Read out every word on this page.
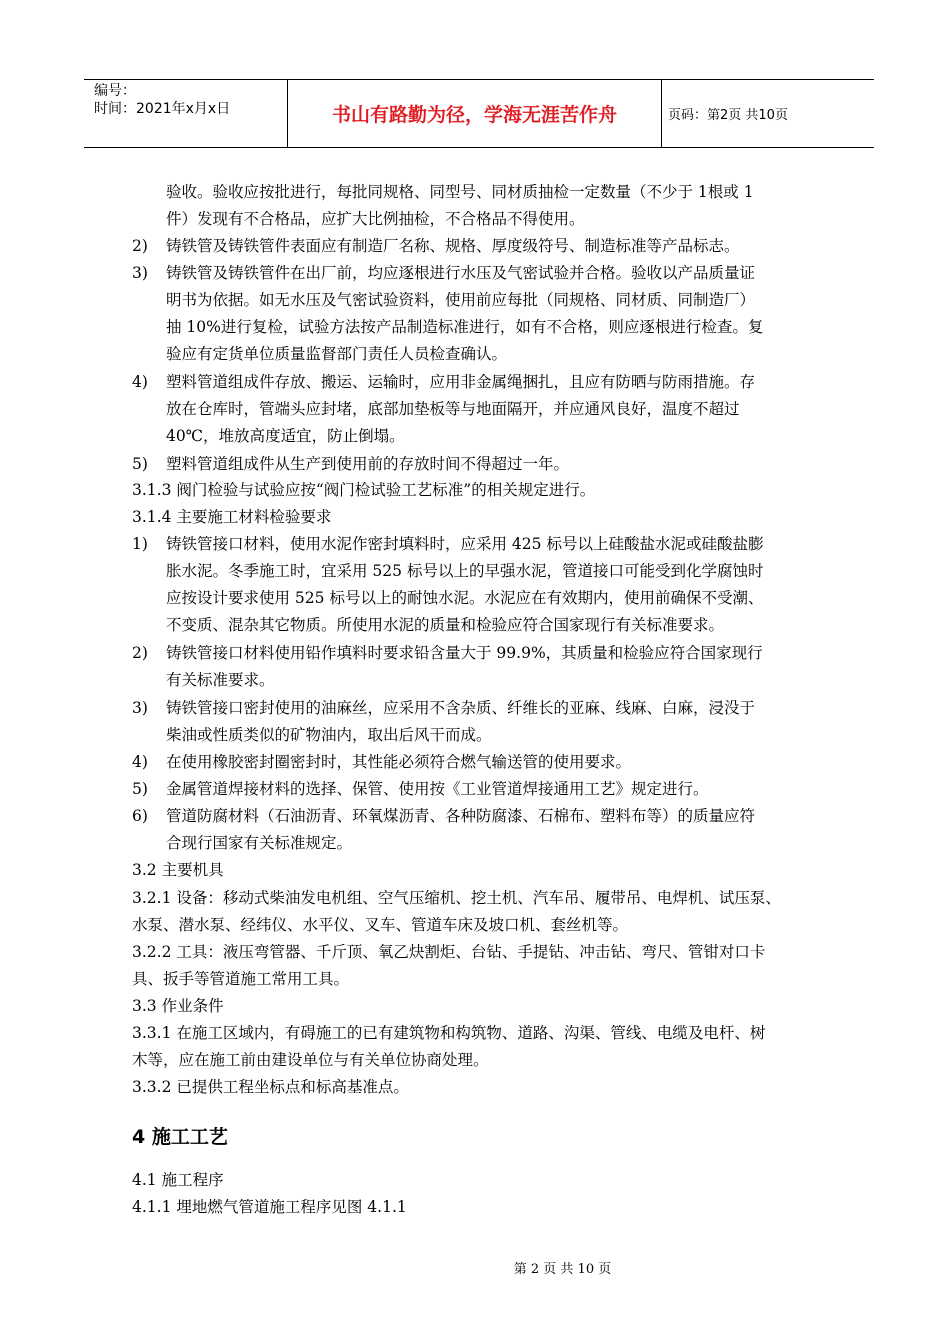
编号：
时间：2021年x月x日	书山有路勤为径，学海无涯苦作舟	页码：第2页 共10页
验收。验收应按批进行，每批同规格、同型号、同材质抽检一定数量（不少于 1根或 1
件）发现有不合格品，应扩大比例抽检，不合格品不得使用。
2) 铸铁管及铸铁管件表面应有制造厂名称、规格、厚度级符号、制造标准等产品标志。
3) 铸铁管及铸铁管件在出厂前，均应逐根进行水压及气密试验并合格。验收以产品质量证
明书为依据。如无水压及气密试验资料，使用前应每批（同规格、同材质、同制造厂）
抽 10%进行复检，试验方法按产品制造标准进行，如有不合格，则应逐根进行检查。复
验应有定货单位质量监督部门责任人员检查确认。
4) 塑料管道组成件存放、搬运、运输时，应用非金属绳捆扎，且应有防晒与防雨措施。存
放在仓库时，管端头应封堵，底部加垫板等与地面隔开，并应通风良好，温度不超过
40℃，堆放高度适宜，防止倒塌。
5) 塑料管道组成件从生产到使用前的存放时间不得超过一年。
3.1.3 阀门检验与试验应按“阀门检试验工艺标准”的相关规定进行。
3.1.4 主要施工材料检验要求
1) 铸铁管接口材料，使用水泥作密封填料时，应采用 425 标号以上硅酸盐水泥或硅酸盐膨
胀水泥。冬季施工时，宜采用 525 标号以上的早强水泥，管道接口可能受到化学腐蚀时
应按设计要求使用 525 标号以上的耐蚀水泥。水泥应在有效期内，使用前确保不受潮、
不变质、混杂其它物质。所使用水泥的质量和检验应符合国家现行有关标准要求。
2) 铸铁管接口材料使用铅作填料时要求铅含量大于 99.9%，其质量和检验应符合国家现行
有关标准要求。
3) 铸铁管接口密封使用的油麻丝，应采用不含杂质、纤维长的亚麻、线麻、白麻，浸没于
柴油或性质类似的矿物油内，取出后风干而成。
4) 在使用橡胶密封圈密封时，其性能必须符合燃气输送管的使用要求。
5) 金属管道焊接材料的选择、保管、使用按《工业管道焊接通用工艺》规定进行。
6) 管道防腐材料（石油沥青、环氧煤沥青、各种防腐漆、石棉布、塑料布等）的质量应符
合现行国家有关标准规定。
3.2 主要机具
3.2.1 设备：移动式柴油发电机组、空气压缩机、挖土机、汽车吊、履带吊、电焊机、试压泵、
水泵、潜水泵、经纬仪、水平仪、叉车、管道车床及坡口机、套丝机等。
3.2.2 工具：液压弯管器、千斤顶、氧乙炔割炬、台钻、手提钻、冲击钻、弯尺、管钳对口卡
具、扳手等管道施工常用工具。
3.3 作业条件
3.3.1 在施工区域内，有碍施工的已有建筑物和构筑物、道路、沟渠、管线、电缆及电杆、树
木等，应在施工前由建设单位与有关单位协商处理。
3.3.2 已提供工程坐标点和标高基准点。
4 施工工艺
4.1 施工程序
4.1.1 埋地燃气管道施工程序见图 4.1.1
第 2 页 共 10 页
